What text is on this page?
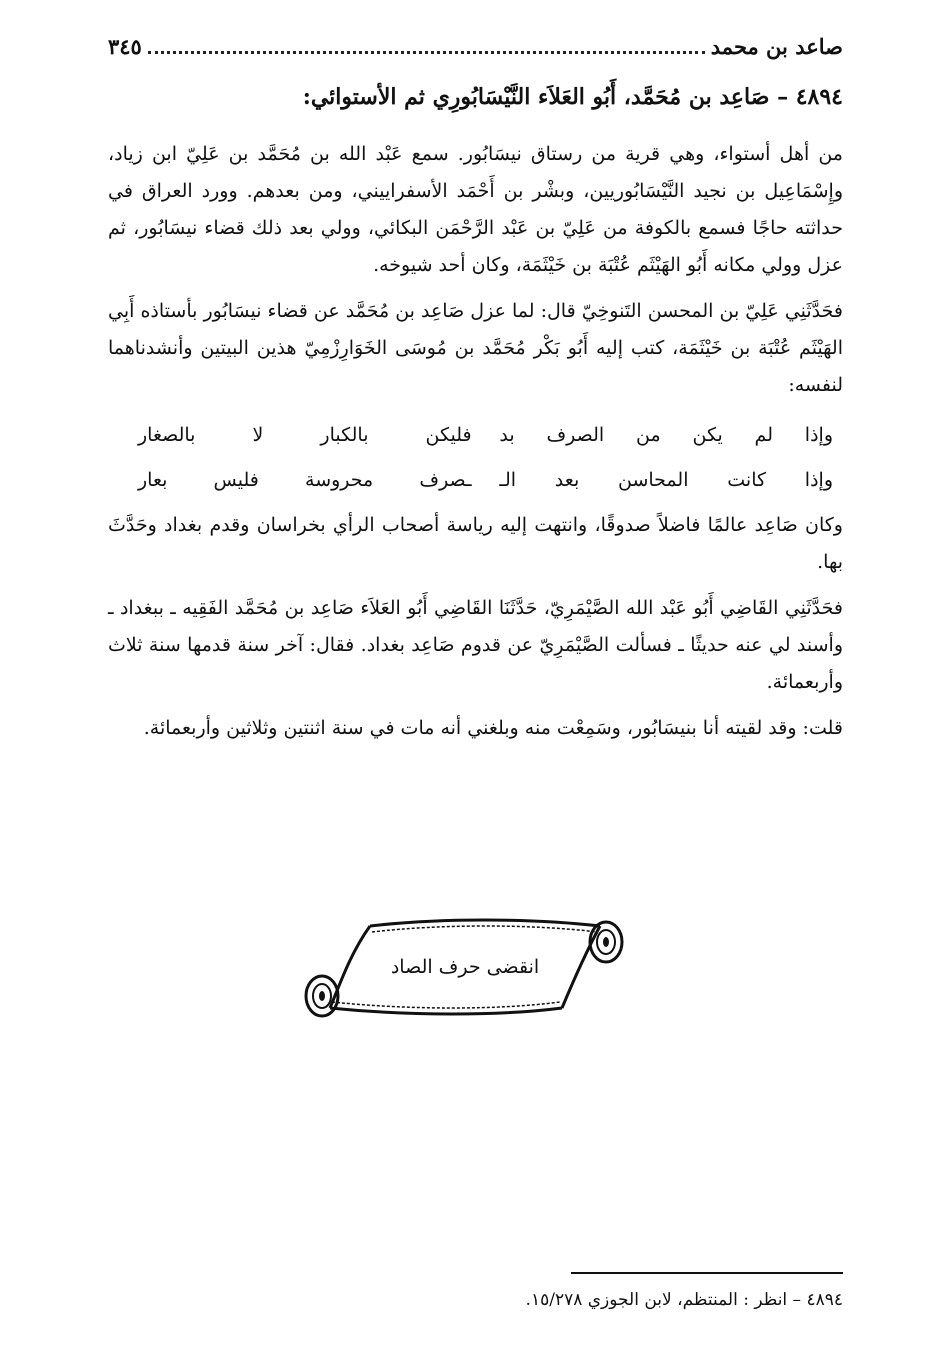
صاعد بن محمد
٣٤٥
٤٨٩٤ – صَاعِد بن مُحَمَّد، أَبُو العَلاَء النَّيْسَابُورِي ثم الأستوائي:

من أهل أستواء، وهي قرية من رستاق نيسَابُور. سمع عَبْد الله بن مُحَمَّد بن عَلِيّ ابن زياد، وإِسْمَاعِيل بن نجيد النَّيْسَابُوريين، وبشْر بن أَحْمَد الأسفراييني، ومن بعدهم. وورد العراق في حداثته حاجًا فسمع بالكوفة من عَلِيّ بن عَبْد الرَّحْمَن البكائي، وولي بعد ذلك قضاء نيسَابُور، ثم عزل وولي مكانه أَبُو الهَيْثَم عُتْبَة بن خَيْثَمَة، وكان أحد شيوخه.

فحَدَّثَنِي عَلِيّ بن المحسن التَنوخِيّ قال: لما عزل صَاعِد بن مُحَمَّد عن قضاء نيسَابُور بأستاذه أَبِي الهَيْثَم عُتْبَة بن خَيْثَمَة، كتب إليه أَبُو بَكْر مُحَمَّد بن مُوسَى الخَوَارِزْمِيّ هذين البيتين وأنشدناهما لنفسه:

وإذا لم يكن من الصرف بد
فليكن بالكبار لا بالصغار
وإذا كانت المحاسن بعد الـ
ـصرف محروسة فليس بعار

وكان صَاعِد عالمًا فاضلاً صدوقًا، وانتهت إليه رياسة أصحاب الرأي بخراسان وقدم بغداد وحَدَّثَ بها.

فحَدَّثَنِي القَاضِي أَبُو عَبْد الله الصَّيْمَرِيّ، حَدَّثَنَا القَاضِي أَبُو العَلاَء صَاعِد بن مُحَمَّد الفَقِيه ـ ببغداد ـ وأسند لي عنه حديثًا ـ فسألت الصَّيْمَرِيّ عن قدوم صَاعِد بغداد. فقال: آخر سنة قدمها سنة ثلاث وأربعمائة.

قلت: وقد لقيته أنا بنيسَابُور، وسَمِعْت منه وبلغني أنه مات في سنة اثنتين وثلاثين وأربعمائة.

انقضى حرف الصاد
٤٨٩٤ – انظر : المنتظم، لابن الجوزي ١٥/٢٧٨.
